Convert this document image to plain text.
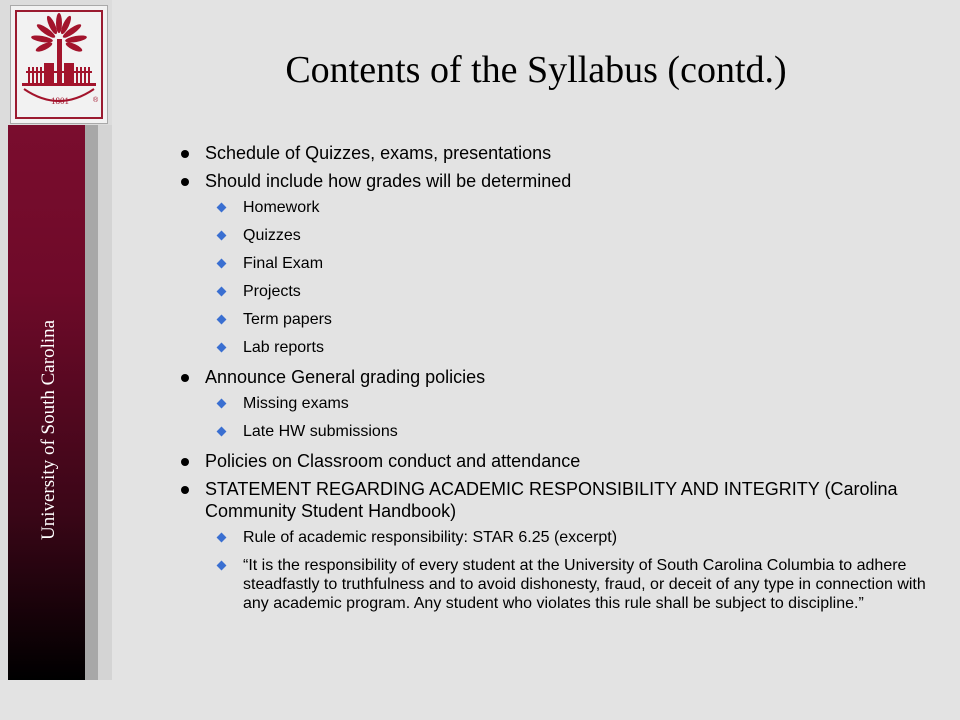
1801	®
University of South Carolina
Contents of the Syllabus (contd.)
Schedule of Quizzes, exams, presentations
Should include how grades will be determined
Homework
Quizzes
Final Exam
Projects
Term papers
Lab reports
Announce General grading policies
Missing exams
Late HW submissions
Policies on Classroom conduct and attendance
STATEMENT REGARDING ACADEMIC RESPONSIBILITY AND INTEGRITY (Carolina Community Student Handbook)
Rule of academic responsibility: STAR 6.25 (excerpt)
“It is the responsibility of every student at the University of South Carolina Columbia to adhere steadfastly to truthfulness and to avoid dishonesty, fraud, or deceit of any type in connection with any academic program. Any student who violates this rule shall be subject to discipline.”
